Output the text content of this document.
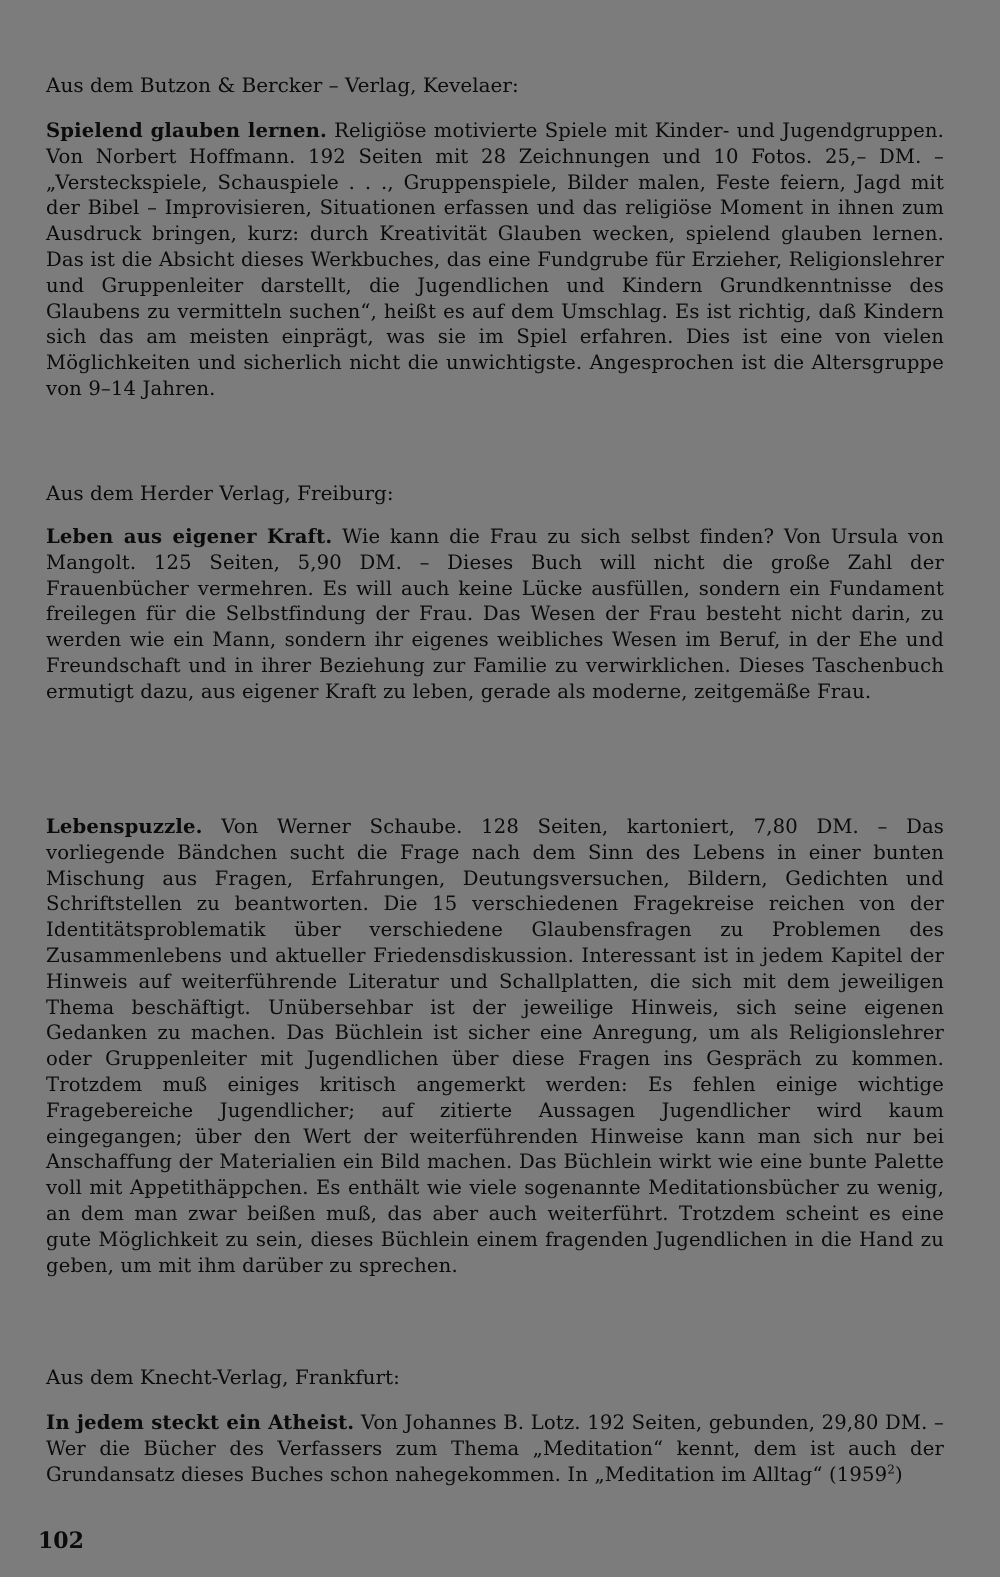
Aus dem Butzon & Bercker – Verlag, Kevelaer:

Spielend glauben lernen. Religiöse motivierte Spiele mit Kinder- und Jugendgruppen. Von Norbert Hoffmann. 192 Seiten mit 28 Zeichnungen und 10 Fotos. 25,– DM. – „Versteckspiele, Schauspiele . . ., Gruppenspiele, Bilder malen, Feste feiern, Jagd mit der Bibel – Improvisieren, Situationen erfassen und das religiöse Moment in ihnen zum Ausdruck bringen, kurz: durch Kreativität Glauben wecken, spielend glauben lernen. Das ist die Absicht dieses Werkbuches, das eine Fundgrube für Erzieher, Religionslehrer und Gruppenleiter darstellt, die Jugendlichen und Kindern Grundkenntnisse des Glaubens zu vermitteln suchen“, heißt es auf dem Umschlag. Es ist richtig, daß Kindern sich das am meisten einprägt, was sie im Spiel erfahren. Dies ist eine von vielen Möglichkeiten und sicherlich nicht die unwichtigste. Angesprochen ist die Altersgruppe von 9–14 Jahren.

Aus dem Herder Verlag, Freiburg:

Leben aus eigener Kraft. Wie kann die Frau zu sich selbst finden? Von Ursula von Mangolt. 125 Seiten, 5,90 DM. – Dieses Buch will nicht die große Zahl der Frauenbücher vermehren. Es will auch keine Lücke ausfüllen, sondern ein Fundament freilegen für die Selbstfindung der Frau. Das Wesen der Frau besteht nicht darin, zu werden wie ein Mann, sondern ihr eigenes weibliches Wesen im Beruf, in der Ehe und Freundschaft und in ihrer Beziehung zur Familie zu verwirklichen. Dieses Taschenbuch ermutigt dazu, aus eigener Kraft zu leben, gerade als moderne, zeitgemäße Frau.

Lebenspuzzle. Von Werner Schaube. 128 Seiten, kartoniert, 7,80 DM. – Das vorliegende Bändchen sucht die Frage nach dem Sinn des Lebens in einer bunten Mischung aus Fragen, Erfahrungen, Deutungsversuchen, Bildern, Gedichten und Schriftstellen zu beantworten. Die 15 verschiedenen Fragekreise reichen von der Identitätsproblematik über verschiedene Glaubensfragen zu Problemen des Zusammenlebens und aktueller Friedensdiskussion. Interessant ist in jedem Kapitel der Hinweis auf weiterführende Literatur und Schallplatten, die sich mit dem jeweiligen Thema beschäftigt. Unübersehbar ist der jeweilige Hinweis, sich seine eigenen Gedanken zu machen. Das Büchlein ist sicher eine Anregung, um als Religionslehrer oder Gruppenleiter mit Jugendlichen über diese Fragen ins Gespräch zu kommen. Trotzdem muß einiges kritisch angemerkt werden: Es fehlen einige wichtige Fragebereiche Jugendlicher; auf zitierte Aussagen Jugendlicher wird kaum eingegangen; über den Wert der weiterführenden Hinweise kann man sich nur bei Anschaffung der Materialien ein Bild machen. Das Büchlein wirkt wie eine bunte Palette voll mit Appetithäppchen. Es enthält wie viele sogenannte Meditationsbücher zu wenig, an dem man zwar beißen muß, das aber auch weiterführt. Trotzdem scheint es eine gute Möglichkeit zu sein, dieses Büchlein einem fragenden Jugendlichen in die Hand zu geben, um mit ihm darüber zu sprechen.

Aus dem Knecht-Verlag, Frankfurt:

In jedem steckt ein Atheist. Von Johannes B. Lotz. 192 Seiten, gebunden, 29,80 DM. – Wer die Bücher des Verfassers zum Thema „Meditation“ kennt, dem ist auch der Grundansatz dieses Buches schon nahegekommen. In „Meditation im Alltag“ (1959$^2$)

102
